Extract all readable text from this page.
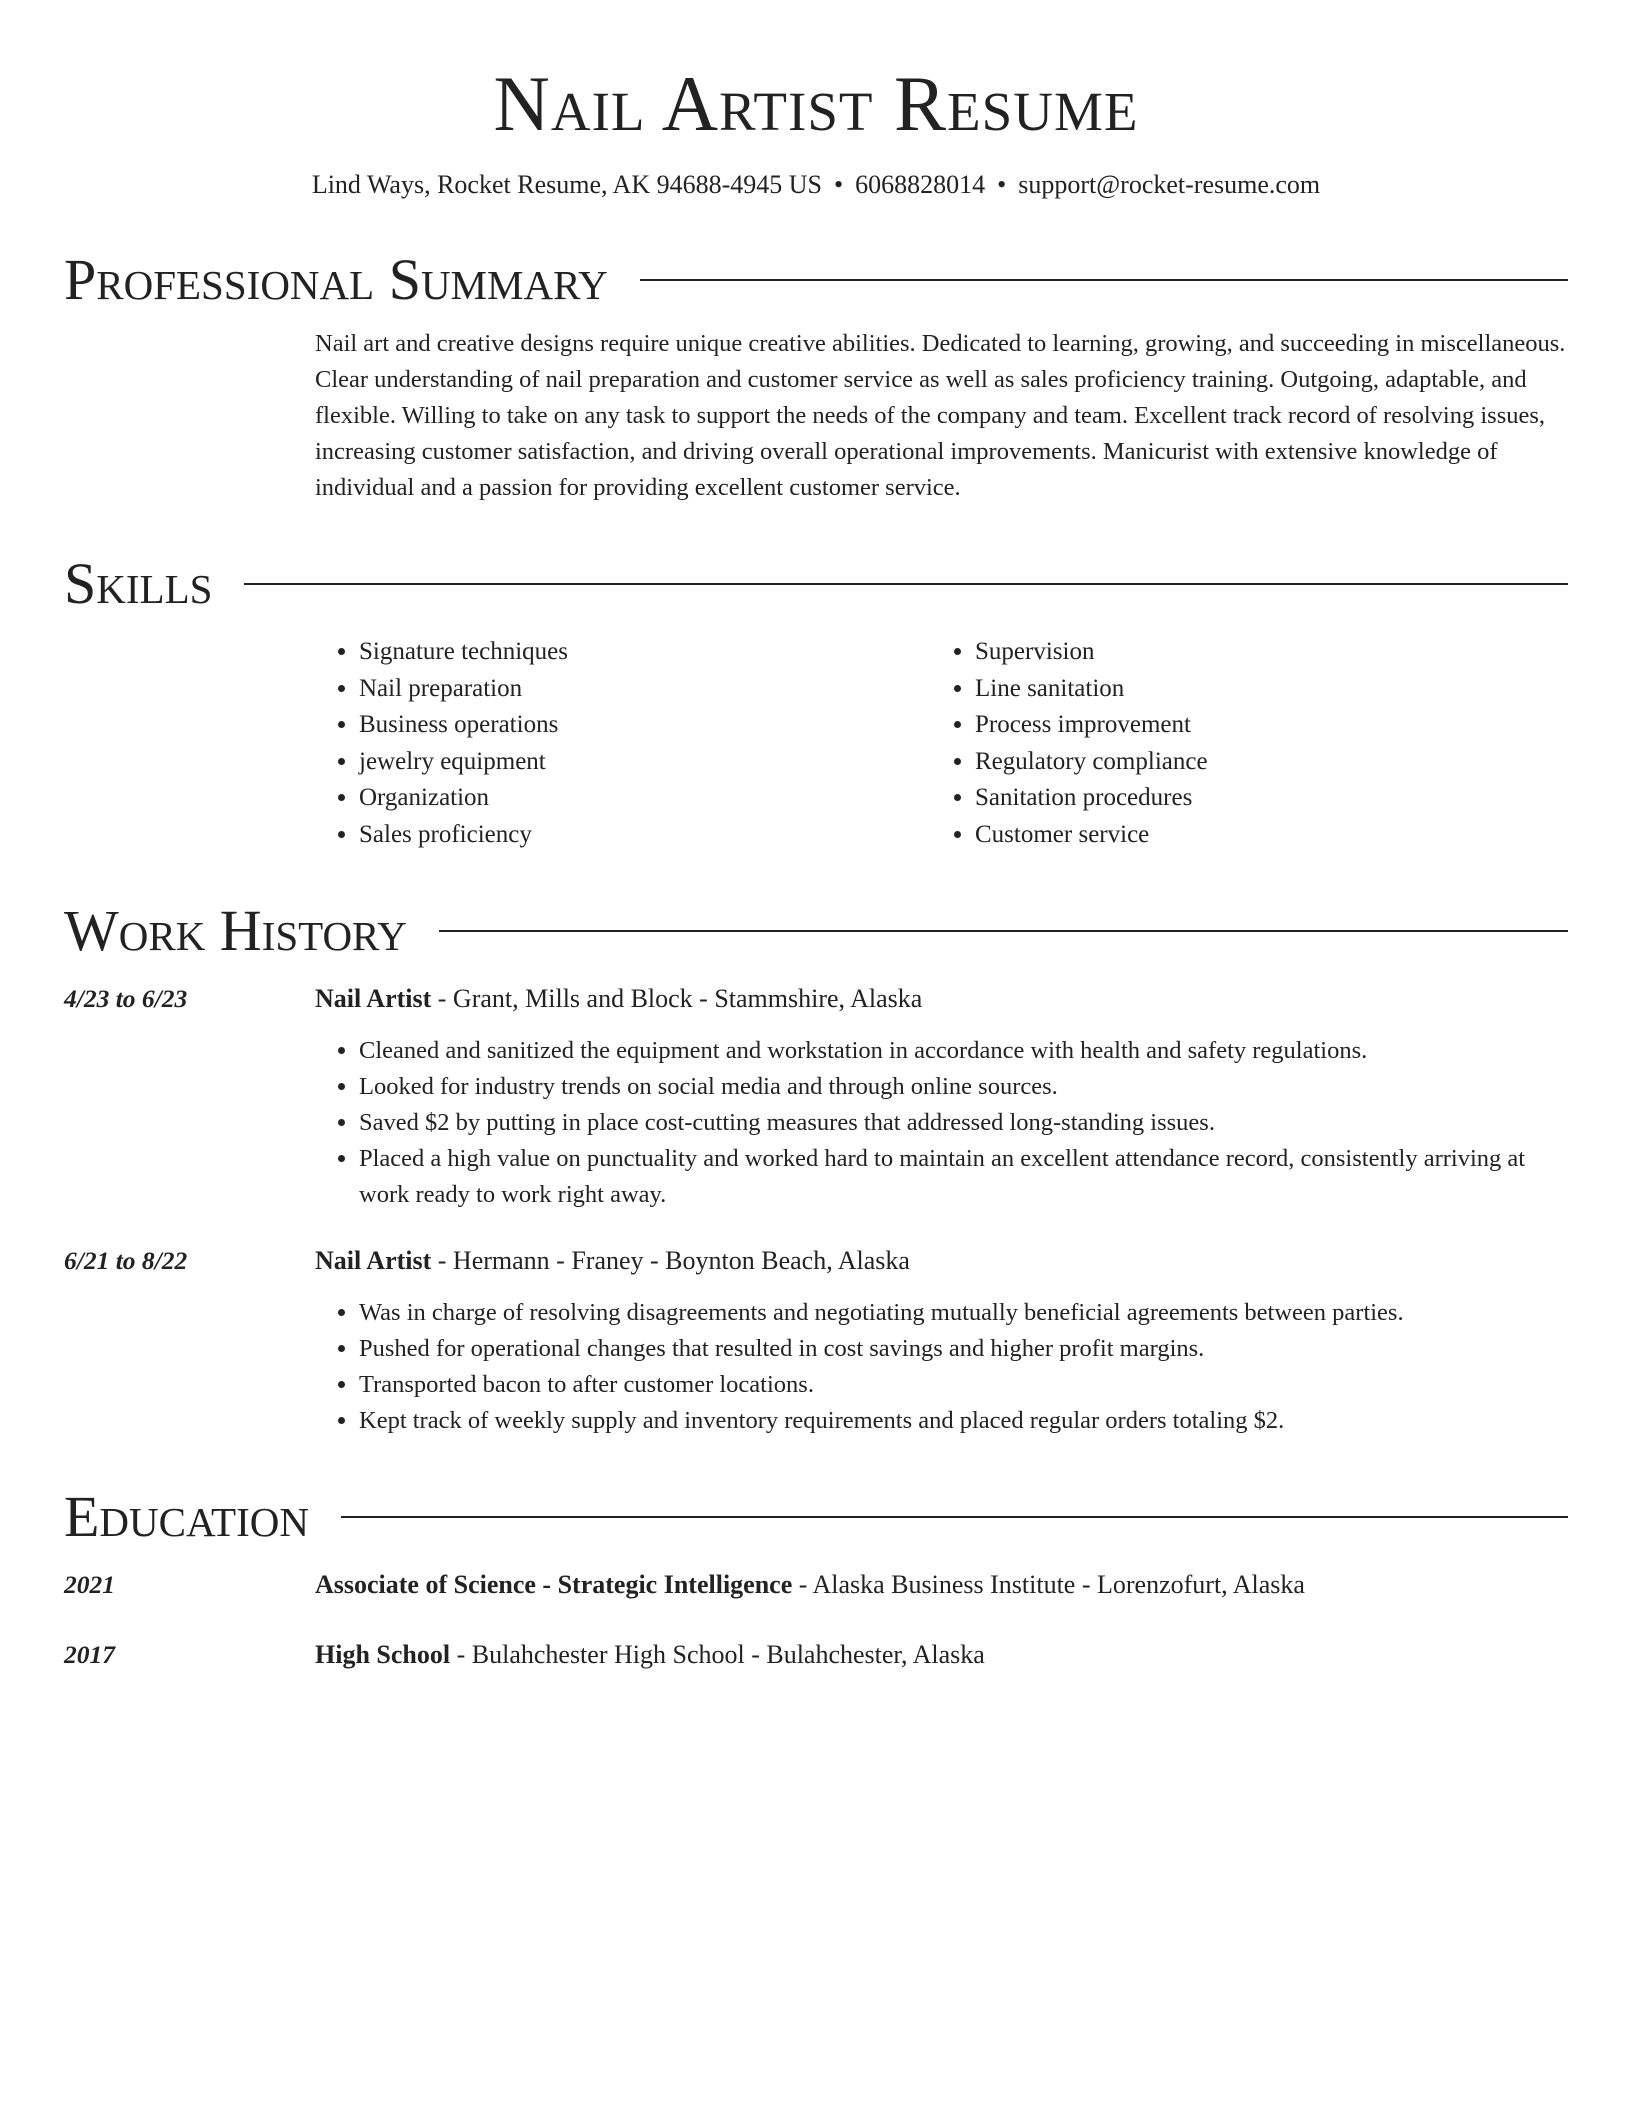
Nail Artist Resume
Lind Ways, Rocket Resume, AK 94688-4945 US • 6068828014 • support@rocket-resume.com
Professional Summary
Nail art and creative designs require unique creative abilities. Dedicated to learning, growing, and succeeding in miscellaneous. Clear understanding of nail preparation and customer service as well as sales proficiency training. Outgoing, adaptable, and flexible. Willing to take on any task to support the needs of the company and team. Excellent track record of resolving issues, increasing customer satisfaction, and driving overall operational improvements. Manicurist with extensive knowledge of individual and a passion for providing excellent customer service.
Skills
• Signature techniques
• Nail preparation
• Business operations
• jewelry equipment
• Organization
• Sales proficiency
• Supervision
• Line sanitation
• Process improvement
• Regulatory compliance
• Sanitation procedures
• Customer service
Work History
4/23 to 6/23	Nail Artist - Grant, Mills and Block - Stammshire, Alaska
• Cleaned and sanitized the equipment and workstation in accordance with health and safety regulations.
• Looked for industry trends on social media and through online sources.
• Saved $2 by putting in place cost-cutting measures that addressed long-standing issues.
• Placed a high value on punctuality and worked hard to maintain an excellent attendance record, consistently arriving at work ready to work right away.
6/21 to 8/22	Nail Artist - Hermann - Franey - Boynton Beach, Alaska
• Was in charge of resolving disagreements and negotiating mutually beneficial agreements between parties.
• Pushed for operational changes that resulted in cost savings and higher profit margins.
• Transported bacon to after customer locations.
• Kept track of weekly supply and inventory requirements and placed regular orders totaling $2.
Education
2021	Associate of Science - Strategic Intelligence - Alaska Business Institute - Lorenzofurt, Alaska
2017	High School - Bulahchester High School - Bulahchester, Alaska
